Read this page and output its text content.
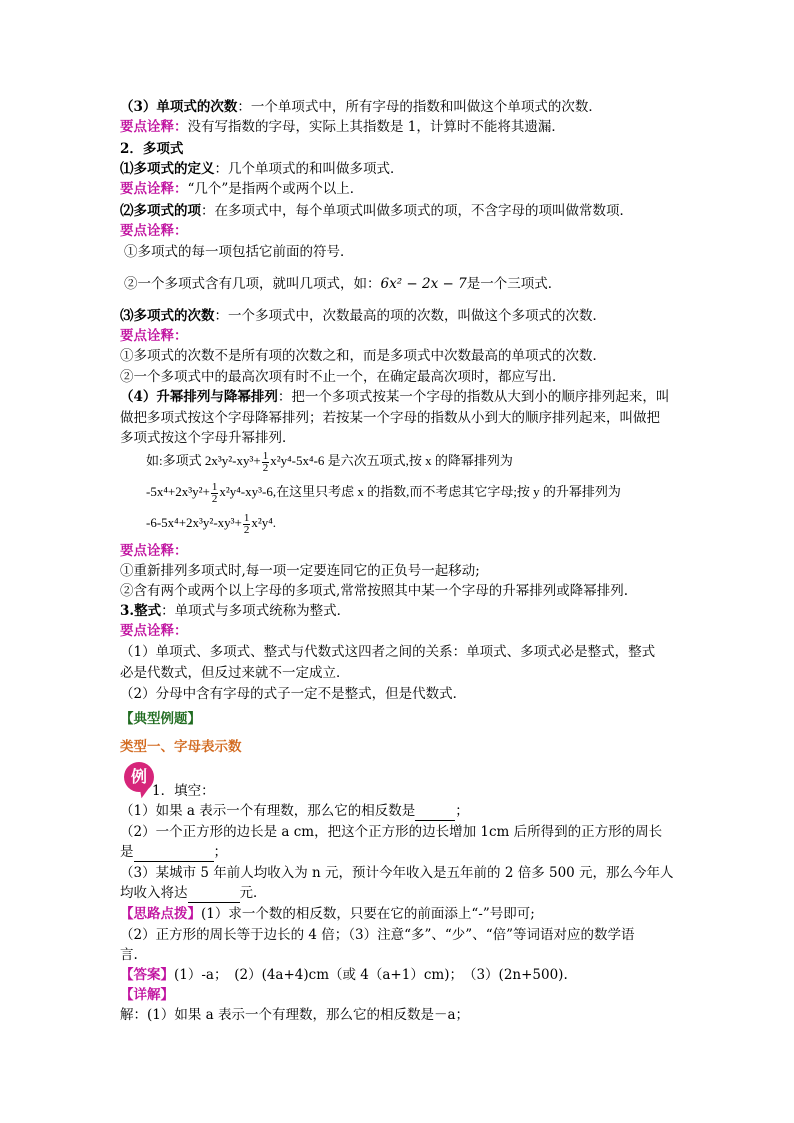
（3）单项式的次数：一个单项式中，所有字母的指数和叫做这个单项式的次数．
要点诠释：没有写指数的字母，实际上其指数是 1，计算时不能将其遗漏．
2．多项式
⑴多项式的定义：几个单项式的和叫做多项式．
要点诠释：“几个”是指两个或两个以上．
⑵多项式的项：在多项式中，每个单项式叫做多项式的项，不含字母的项叫做常数项．
要点诠释：
①多项式的每一项包括它前面的符号．
②一个多项式含有几项，就叫几项式，如：6x² − 2x − 7是一个三项式．
⑶多项式的次数：一个多项式中，次数最高的项的次数，叫做这个多项式的次数．
要点诠释：
①多项式的次数不是所有项的次数之和，而是多项式中次数最高的单项式的次数．
②一个多项式中的最高次项有时不止一个，在确定最高次项时，都应写出．
（4）升幂排列与降幂排列：把一个多项式按某一个字母的指数从大到小的顺序排列起来，叫
做把多项式按这个字母降幂排列；若按某一个字母的指数从小到大的顺序排列起来，叫做把
多项式按这个字母升幂排列．
如:多项式 $2x^3y^2-xy^3+ \frac{1}{2} x^2y^4-5x^4-6$ 是六次五项式,按 x 的降幂排列为
$-5x^4+2x^3y^2+ \frac{1}{2} x^2y^4-xy^3-6$,在这里只考虑 x 的指数,而不考虑其它字母;按 y 的升幂排列为
$-6-5x^4+2x^3y^2-xy^3+ \frac{1}{2} x^2y^4$.
要点诠释：
①重新排列多项式时,每一项一定要连同它的正负号一起移动;
②含有两个或两个以上字母的多项式,常常按照其中某一个字母的升幂排列或降幂排列.
3.整式：单项式与多项式统称为整式．
要点诠释：
（1）单项式、多项式、整式与代数式这四者之间的关系：单项式、多项式必是整式，整式
必是代数式，但反过来就不一定成立．
（2）分母中含有字母的式子一定不是整式，但是代数式．
【典型例题】
类型一、字母表示数
1．填空：
（1）如果 a 表示一个有理数，那么它的相反数是	；
（2）一个正方形的边长是 a cm，把这个正方形的边长增加 1cm 后所得到的正方形的周长
是	；
（3）某城市 5 年前人均收入为 n 元，预计今年收入是五年前的 2 倍多 500 元，那么今年人
均收入将达	元．
【思路点拨】(1）求一个数的相反数，只要在它的前面添上“-”号即可;
（2）正方形的周长等于边长的 4 倍；（3）注意“多”、“少”、“倍”等词语对应的数学语
言.
【答案】(1）-a；　(2）(4a+4)cm（或 4（a+1）cm)；　（3）(2n+500).
【详解】
解：(1）如果 a 表示一个有理数，那么它的相反数是－a；
例
